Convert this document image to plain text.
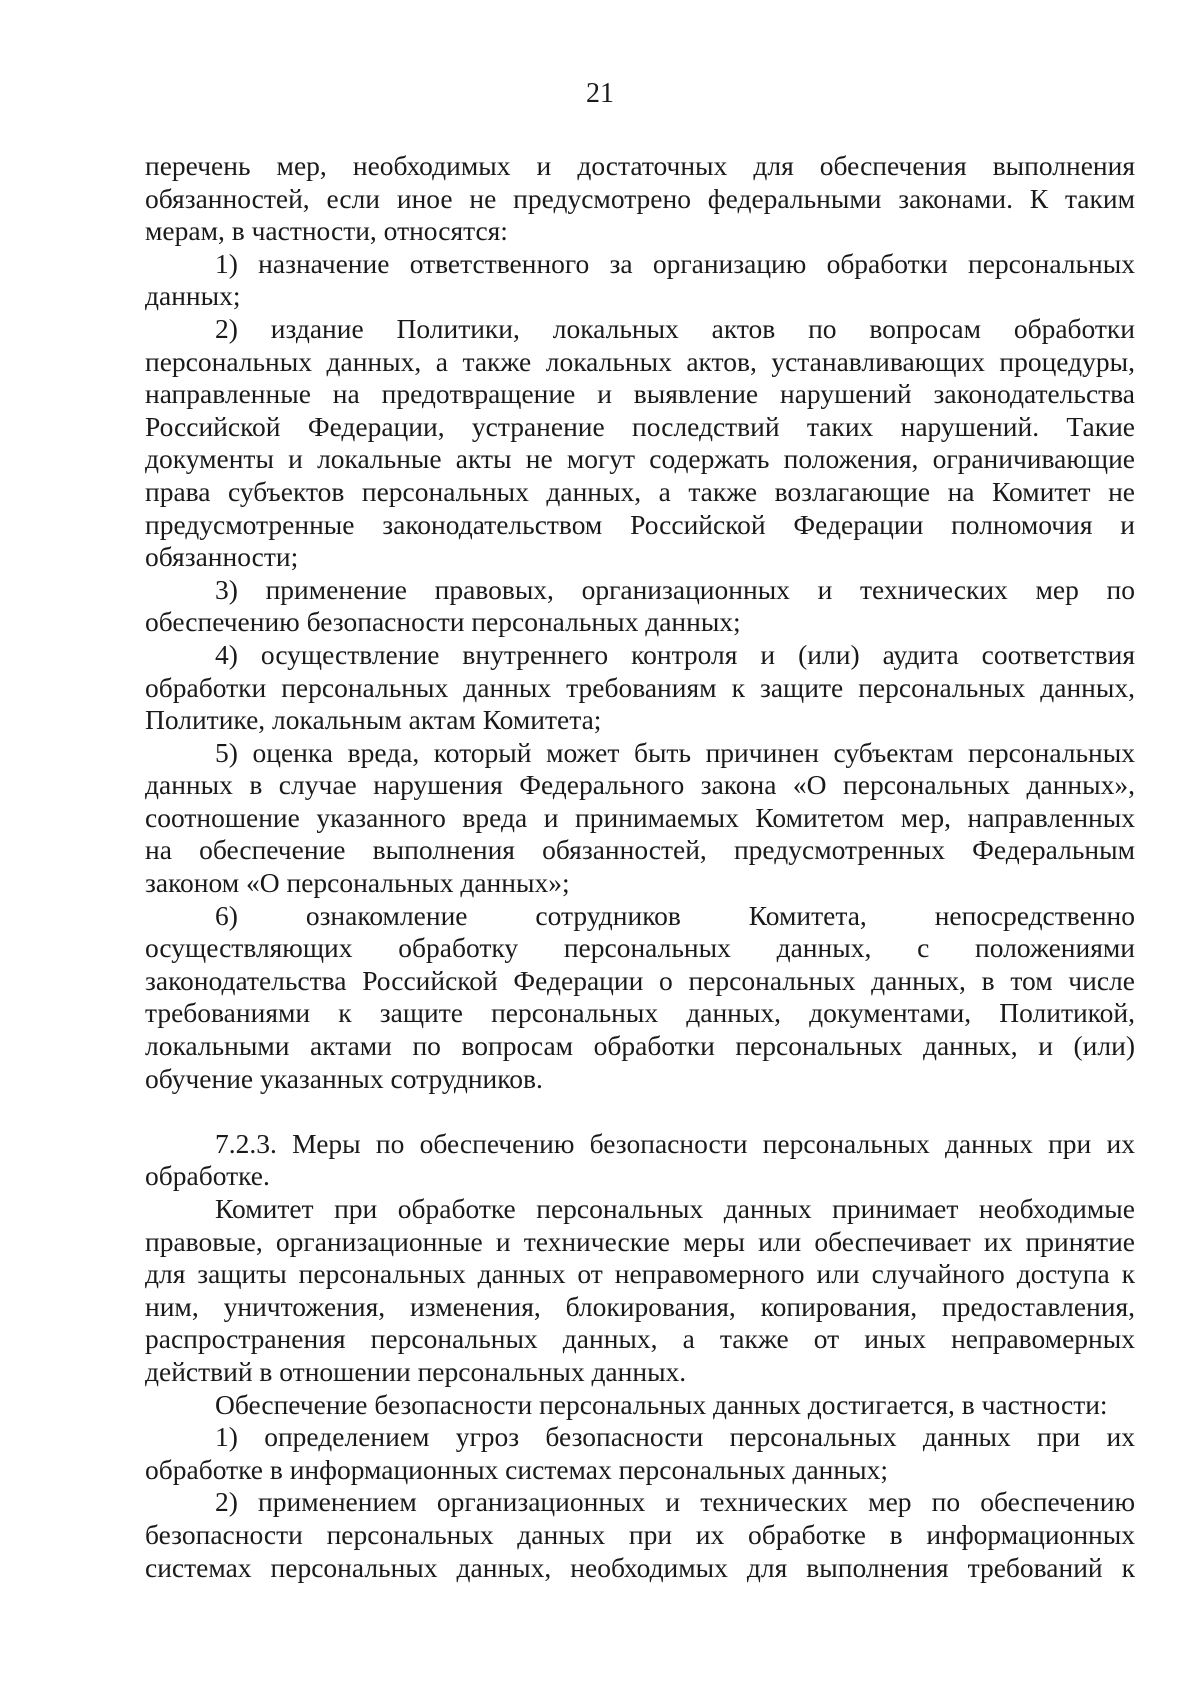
21
перечень мер, необходимых и достаточных для обеспечения выполнения
обязанностей, если иное не предусмотрено федеральными законами. К таким
мерам, в частности, относятся:
1) назначение ответственного за организацию обработки персональных
данных;
2) издание Политики, локальных актов по вопросам обработки
персональных данных, а также локальных актов, устанавливающих процедуры,
направленные на предотвращение и выявление нарушений законодательства
Российской Федерации, устранение последствий таких нарушений. Такие
документы и локальные акты не могут содержать положения, ограничивающие
права субъектов персональных данных, а также возлагающие на Комитет не
предусмотренные законодательством Российской Федерации полномочия и
обязанности;
3) применение правовых, организационных и технических мер по
обеспечению безопасности персональных данных;
4) осуществление внутреннего контроля и (или) аудита соответствия
обработки персональных данных требованиям к защите персональных данных,
Политике, локальным актам Комитета;
5) оценка вреда, который может быть причинен субъектам персональных
данных в случае нарушения Федерального закона «О персональных данных»,
соотношение указанного вреда и принимаемых Комитетом мер, направленных
на обеспечение выполнения обязанностей, предусмотренных Федеральным
законом «О персональных данных»;
6) ознакомление сотрудников Комитета, непосредственно
осуществляющих обработку персональных данных, с положениями
законодательства Российской Федерации о персональных данных, в том числе
требованиями к защите персональных данных, документами, Политикой,
локальными актами по вопросам обработки персональных данных, и (или)
обучение указанных сотрудников.
7.2.3. Меры по обеспечению безопасности персональных данных при их
обработке.
Комитет при обработке персональных данных принимает необходимые
правовые, организационные и технические меры или обеспечивает их принятие
для защиты персональных данных от неправомерного или случайного доступа к
ним, уничтожения, изменения, блокирования, копирования, предоставления,
распространения персональных данных, а также от иных неправомерных
действий в отношении персональных данных.
Обеспечение безопасности персональных данных достигается, в частности:
1) определением угроз безопасности персональных данных при их
обработке в информационных системах персональных данных;
2) применением организационных и технических мер по обеспечению
безопасности персональных данных при их обработке в информационных
системах персональных данных, необходимых для выполнения требований к
